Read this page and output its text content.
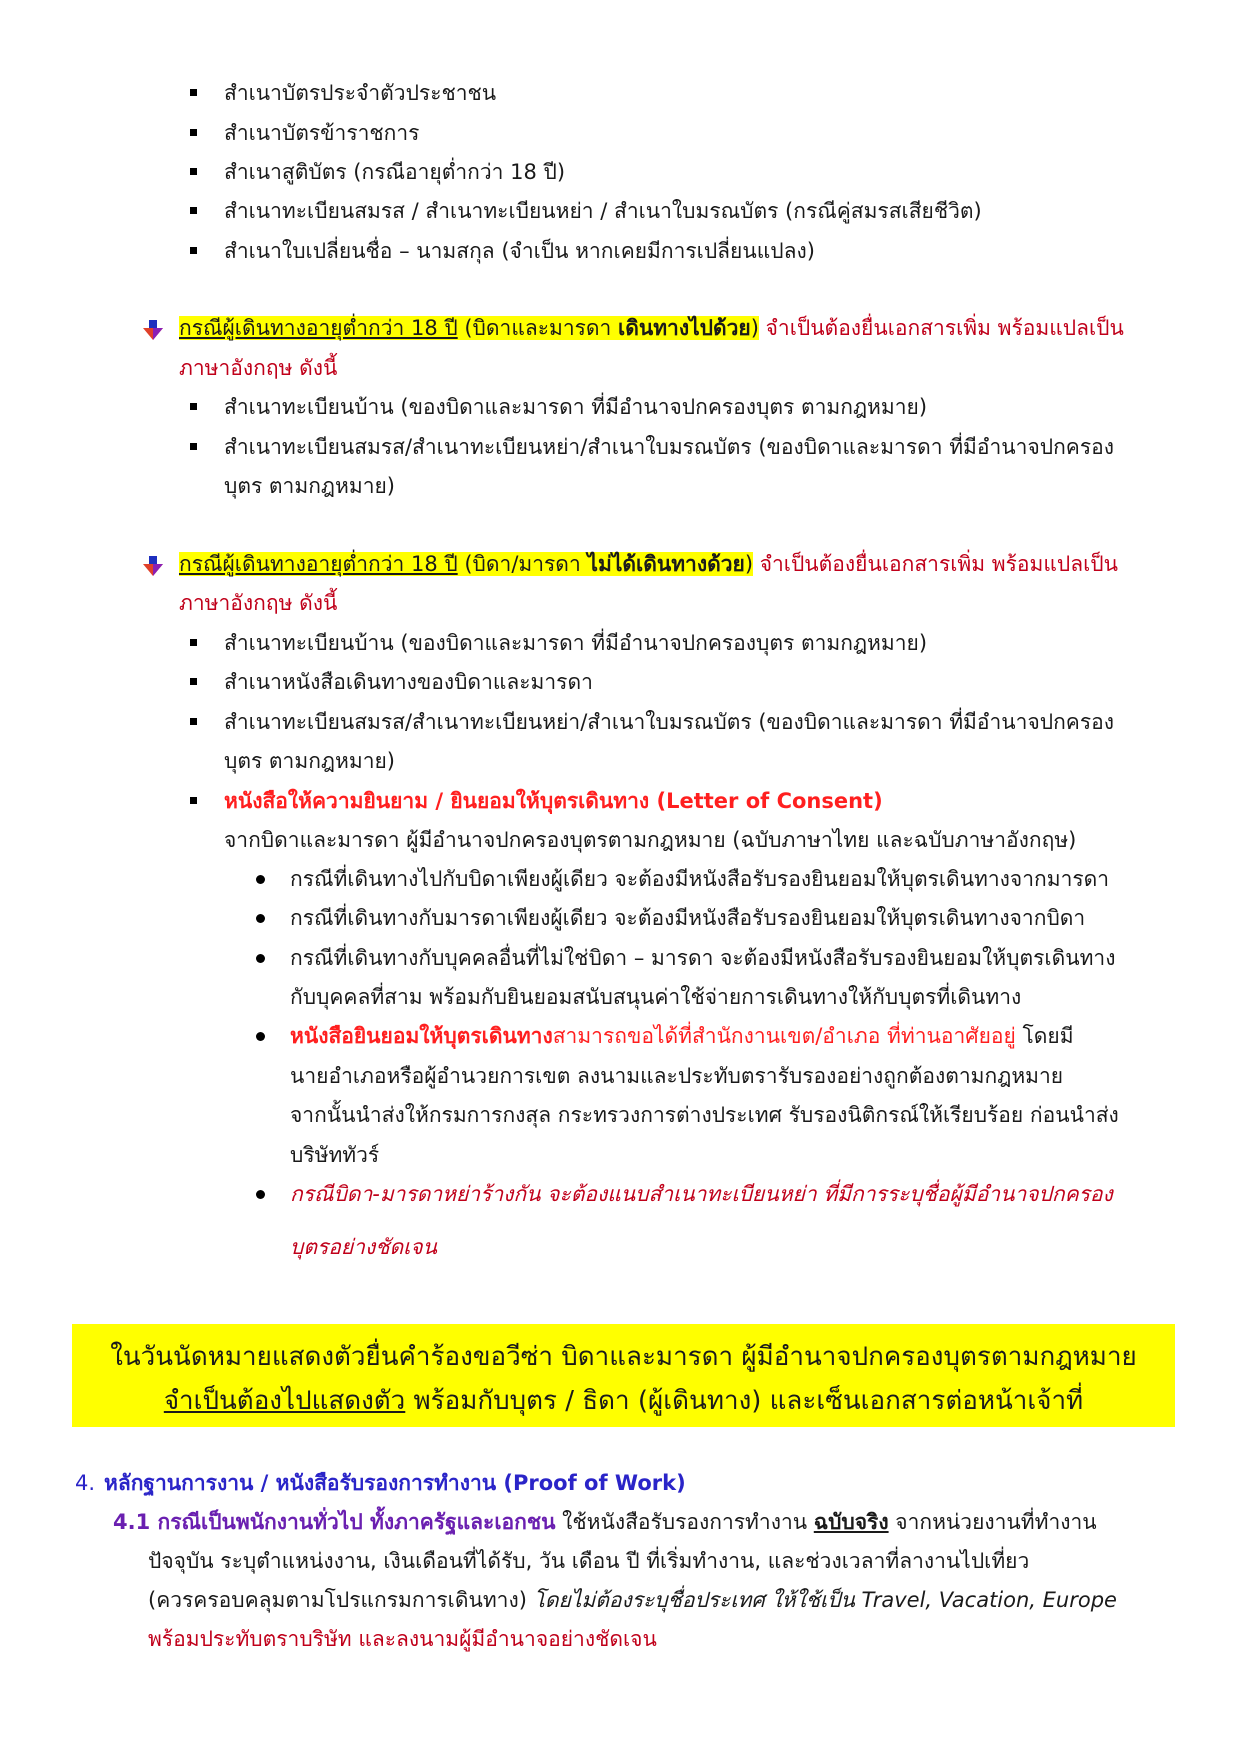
สำเนาบัตรประจำตัวประชาชน
สำเนาบัตรข้าราชการ
สำเนาสูติบัตร (กรณีอายุต่ำกว่า 18 ปี)
สำเนาทะเบียนสมรส / สำเนาทะเบียนหย่า / สำเนาใบมรณบัตร (กรณีคู่สมรสเสียชีวิต)
สำเนาใบเปลี่ยนชื่อ – นามสกุล (จำเป็น หากเคยมีการเปลี่ยนแปลง)
กรณีผู้เดินทางอายุต่ำกว่า 18 ปี (บิดาและมารดา เดินทางไปด้วย) จำเป็นต้องยื่นเอกสารเพิ่ม พร้อมแปลเป็น
ภาษาอังกฤษ ดังนี้
สำเนาทะเบียนบ้าน (ของบิดาและมารดา ที่มีอำนาจปกครองบุตร ตามกฎหมาย)
สำเนาทะเบียนสมรส/สำเนาทะเบียนหย่า/สำเนาใบมรณบัตร (ของบิดาและมารดา ที่มีอำนาจปกครอง
บุตร ตามกฎหมาย)
กรณีผู้เดินทางอายุต่ำกว่า 18 ปี (บิดา/มารดา ไม่ได้เดินทางด้วย) จำเป็นต้องยื่นเอกสารเพิ่ม พร้อมแปลเป็น
ภาษาอังกฤษ ดังนี้
สำเนาทะเบียนบ้าน (ของบิดาและมารดา ที่มีอำนาจปกครองบุตร ตามกฎหมาย)
สำเนาหนังสือเดินทางของบิดาและมารดา
สำเนาทะเบียนสมรส/สำเนาทะเบียนหย่า/สำเนาใบมรณบัตร (ของบิดาและมารดา ที่มีอำนาจปกครอง
บุตร ตามกฎหมาย)
หนังสือให้ความยินยาม / ยินยอมให้บุตรเดินทาง (Letter of Consent)
จากบิดาและมารดา ผู้มีอำนาจปกครองบุตรตามกฎหมาย (ฉบับภาษาไทย และฉบับภาษาอังกฤษ)
กรณีที่เดินทางไปกับบิดาเพียงผู้เดียว จะต้องมีหนังสือรับรองยินยอมให้บุตรเดินทางจากมารดา
กรณีที่เดินทางกับมารดาเพียงผู้เดียว จะต้องมีหนังสือรับรองยินยอมให้บุตรเดินทางจากบิดา
กรณีที่เดินทางกับบุคคลอื่นที่ไม่ใช่บิดา – มารดา จะต้องมีหนังสือรับรองยินยอมให้บุตรเดินทาง
กับบุคคลที่สาม พร้อมกับยินยอมสนับสนุนค่าใช้จ่ายการเดินทางให้กับบุตรที่เดินทาง
หนังสือยินยอมให้บุตรเดินทางสามารถขอได้ที่สำนักงานเขต/อำเภอ ที่ท่านอาศัยอยู่ โดยมี
นายอำเภอหรือผู้อำนวยการเขต ลงนามและประทับตรารับรองอย่างถูกต้องตามกฎหมาย
จากนั้นนำส่งให้กรมการกงสุล กระทรวงการต่างประเทศ รับรองนิติกรณ์ให้เรียบร้อย ก่อนนำส่ง
บริษัททัวร์
กรณีบิดา-มารดาหย่าร้างกัน จะต้องแนบสำเนาทะเบียนหย่า ที่มีการระบุชื่อผู้มีอำนาจปกครอง
บุตรอย่างชัดเจน
ในวันนัดหมายแสดงตัวยื่นคำร้องขอวีซ่า บิดาและมารดา ผู้มีอำนาจปกครองบุตรตามกฎหมาย
จำเป็นต้องไปแสดงตัว พร้อมกับบุตร / ธิดา (ผู้เดินทาง) และเซ็นเอกสารต่อหน้าเจ้าที่
4. หลักฐานการงาน / หนังสือรับรองการทำงาน (Proof of Work)
4.1 กรณีเป็นพนักงานทั่วไป ทั้งภาครัฐและเอกชน ใช้หนังสือรับรองการทำงาน ฉบับจริง จากหน่วยงานที่ทำงาน
ปัจจุบัน ระบุตำแหน่งงาน, เงินเดือนที่ได้รับ, วัน เดือน ปี ที่เริ่มทำงาน, และช่วงเวลาที่ลางานไปเที่ยว
(ควรครอบคลุมตามโปรแกรมการเดินทาง) โดยไม่ต้องระบุชื่อประเทศ ให้ใช้เป็น Travel, Vacation, Europe
พร้อมประทับตราบริษัท และลงนามผู้มีอำนาจอย่างชัดเจน
